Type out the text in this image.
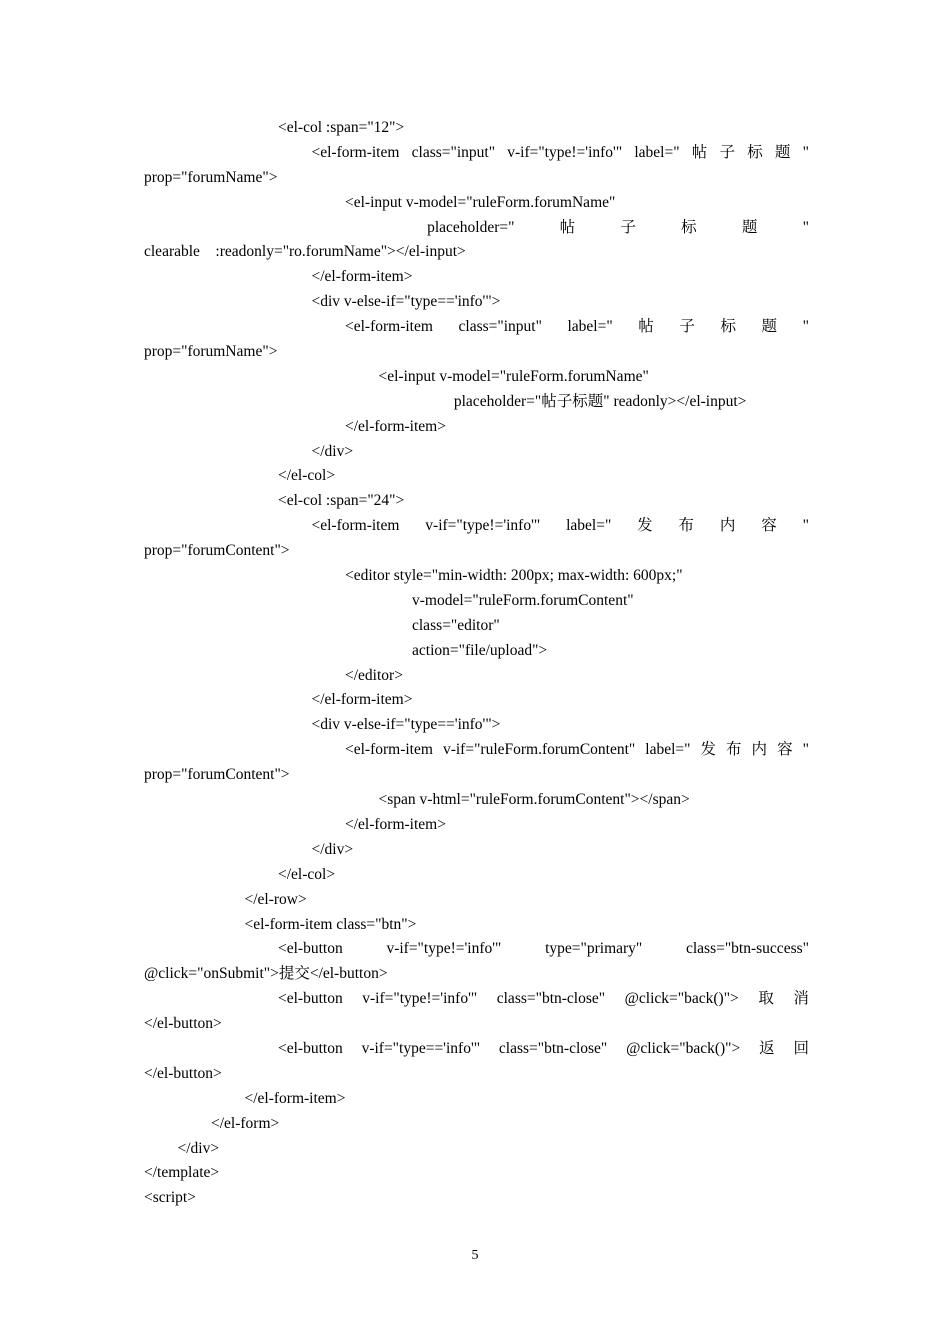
<el-col :span="12">
<el-form-item class="input" v-if="type!='info'" label=" 帖 子 标 题 "
prop="forumName">
<el-input v-model="ruleForm.forumName"
placeholder="	帖	子	标	题	"
clearable    :readonly="ro.forumName"></el-input>
</el-form-item>
<div v-else-if="type=='info'">
<el-form-item class="input" label=" 帖 子 标 题 "
prop="forumName">
<el-input v-model="ruleForm.forumName"
placeholder="帖子标题" readonly></el-input>
</el-form-item>
</div>
</el-col>
<el-col :span="24">
<el-form-item v-if="type!='info'" label=" 发 布 内 容 "
prop="forumContent">
<editor style="min-width: 200px; max-width: 600px;"
v-model="ruleForm.forumContent"
class="editor"
action="file/upload">
</editor>
</el-form-item>
<div v-else-if="type=='info'">
<el-form-item v-if="ruleForm.forumContent" label=" 发 布 内 容 "
prop="forumContent">
<span v-html="ruleForm.forumContent"></span>
</el-form-item>
</div>
</el-col>
</el-row>
<el-form-item class="btn">
<el-button	v-if="type!='info'"	type="primary"	class="btn-success"
@click="onSubmit">提交</el-button>
<el-button v-if="type!='info'" class="btn-close" @click="back()"> 取 消
</el-button>
<el-button v-if="type=='info'" class="btn-close" @click="back()"> 返 回
</el-button>
</el-form-item>
</el-form>
</div>
</template>
<script>
5
